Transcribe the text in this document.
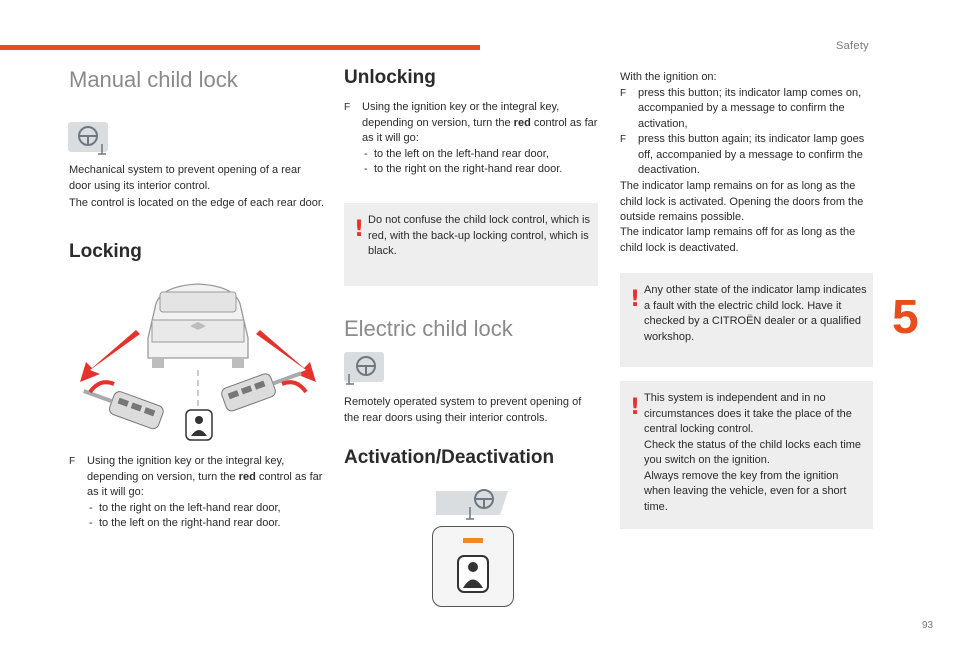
Safety
Manual child lock

Mechanical system to prevent opening of a rear door using its interior control.

The control is located on the edge of each rear door.

Locking
F Using the ignition key or the integral key, depending on version, turn the red control as far as it will go:
- to the right on the left-hand rear door,
- to the left on the right-hand rear door.
Unlocking
F Using the ignition key or the integral key, depending on version, turn the red control as far as it will go:
- to the left on the left-hand rear door,
- to the right on the right-hand rear door.
! Do not confuse the child lock control, which is red, with the back-up locking control, which is black.

Electric child lock

Remotely operated system to prevent opening of the rear doors using their interior controls.

Activation/Deactivation

With the ignition on:

F press this button; its indicator lamp comes on, accompanied by a message to confirm the activation,
F press this button again; its indicator lamp goes off, accompanied by a message to confirm the deactivation.

The indicator lamp remains on for as long as the child lock is activated. Opening the doors from the outside remains possible.

The indicator lamp remains off for as long as the child lock is deactivated.

! Any other state of the indicator lamp indicates a fault with the electric child lock. Have it checked by a CITROËN dealer or a qualified workshop.

! This system is independent and in no circumstances does it take the place of the central locking control.

Check the status of the child locks each time you switch on the ignition.

Always remove the key from the ignition when leaving the vehicle, even for a short time.

5
93
